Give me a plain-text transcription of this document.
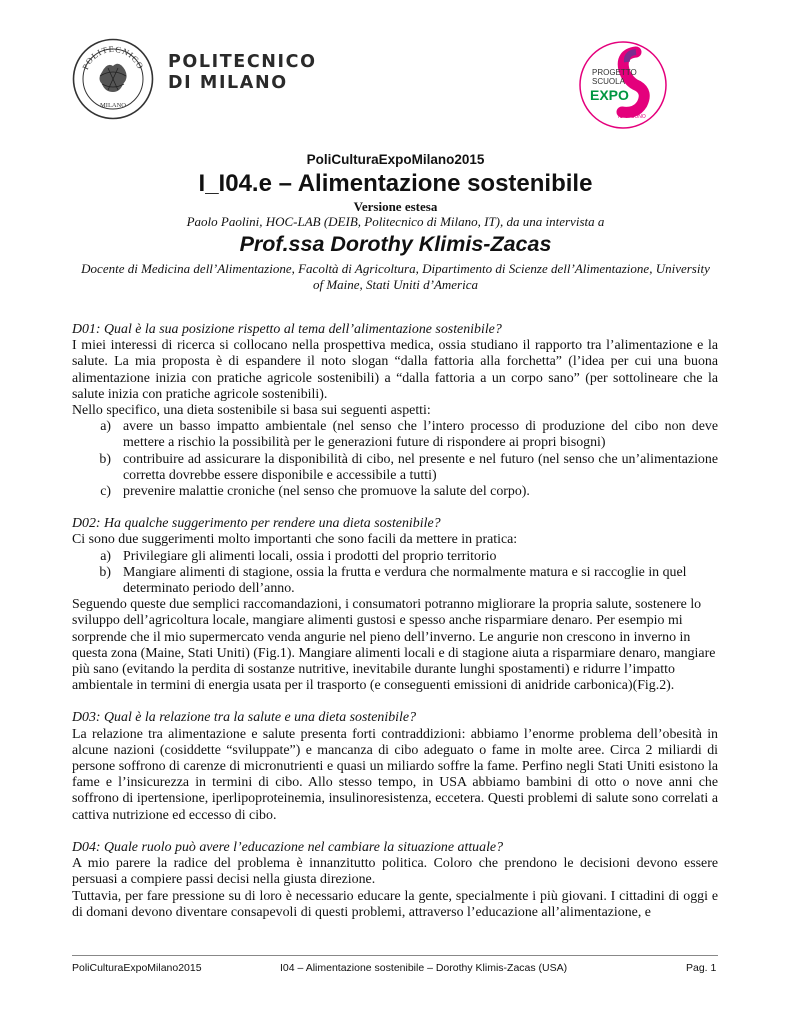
POLITECNICO
MILANO
POLITECNICO
DI MILANO
PROGETTO
SCUOLA
EXPO
IO CI SONO
PoliCulturaExpoMilano2015
I_I04.e – Alimentazione sostenibile
Versione estesa
Paolo Paolini, HOC-LAB (DEIB, Politecnico di Milano, IT), da una intervista a
Prof.ssa Dorothy Klimis-Zacas
Docente di Medicina dell’Alimentazione, Facoltà di Agricoltura, Dipartimento di Scienze dell’Alimentazione, University of Maine, Stati Uniti d’America
D01: Qual è la sua posizione rispetto al tema dell’alimentazione sostenibile?

I miei interessi di ricerca si collocano nella prospettiva medica, ossia studiano il rapporto tra l’alimentazione e la salute. La mia proposta è di espandere il noto slogan “dalla fattoria alla forchetta” (l’idea per cui una buona alimentazione inizia con pratiche agricole sostenibili) a “dalla fattoria a un corpo sano” (per sottolineare che la salute inizia con pratiche agricole sostenibili).

Nello specifico, una dieta sostenibile si basa sui seguenti aspetti:

a) avere un basso impatto ambientale (nel senso che l’intero processo di produzione del cibo non deve mettere a rischio la possibilità per le generazioni future di rispondere ai propri bisogni)
b) contribuire ad assicurare la disponibilità di cibo, nel presente e nel futuro (nel senso che un’alimentazione corretta dovrebbe essere disponibile e accessibile a tutti)
c) prevenire malattie croniche (nel senso che promuove la salute del corpo).
D02: Ha qualche suggerimento per rendere una dieta sostenibile?

Ci sono due suggerimenti molto importanti che sono facili da mettere in pratica:

a) Privilegiare gli alimenti locali, ossia i prodotti del proprio territorio
b) Mangiare alimenti di stagione, ossia la frutta e verdura che normalmente matura e si raccoglie in quel determinato periodo dell’anno.

Seguendo queste due semplici raccomandazioni, i consumatori potranno migliorare la propria salute, sostenere lo sviluppo dell’agricoltura locale, mangiare alimenti gustosi e spesso anche risparmiare denaro. Per esempio mi sorprende che il mio supermercato venda angurie nel pieno dell’inverno. Le angurie non crescono in inverno in questa zona (Maine, Stati Uniti) (Fig.1). Mangiare alimenti locali e di stagione aiuta a risparmiare denaro, mangiare più sano (evitando la perdita di sostanze nutritive, inevitabile durante lunghi spostamenti) e ridurre l’impatto ambientale in termini di energia usata per il trasporto (e conseguenti emissioni di anidride carbonica)(Fig.2).

D03: Qual è la relazione tra la salute e una dieta sostenibile?

La relazione tra alimentazione e salute presenta forti contraddizioni: abbiamo l’enorme problema dell’obesità in alcune nazioni (cosiddette “sviluppate”) e mancanza di cibo adeguato o fame in molte aree. Circa 2 miliardi di persone soffrono di carenze di micronutrienti e quasi un miliardo soffre la fame. Perfino negli Stati Uniti esistono la fame e l’insicurezza in termini di cibo. Allo stesso tempo, in USA abbiamo bambini di otto o nove anni che soffrono di ipertensione, iperlipoproteinemia, insulinoresistenza, eccetera. Questi problemi di salute sono correlati a cattiva nutrizione ed eccesso di cibo.

D04: Quale ruolo può avere l’educazione nel cambiare la situazione attuale?

A mio parere la radice del problema è innanzitutto politica. Coloro che prendono le decisioni devono essere persuasi a compiere passi decisi nella giusta direzione.

Tuttavia, per fare pressione su di loro è necessario educare la gente, specialmente i più giovani. I cittadini di oggi e di domani devono diventare consapevoli di questi problemi, attraverso l’educazione all’alimentazione, e

PoliCulturaExpoMilano2015	I04 – Alimentazione sostenibile – Dorothy Klimis-Zacas (USA)	Pag. 1
